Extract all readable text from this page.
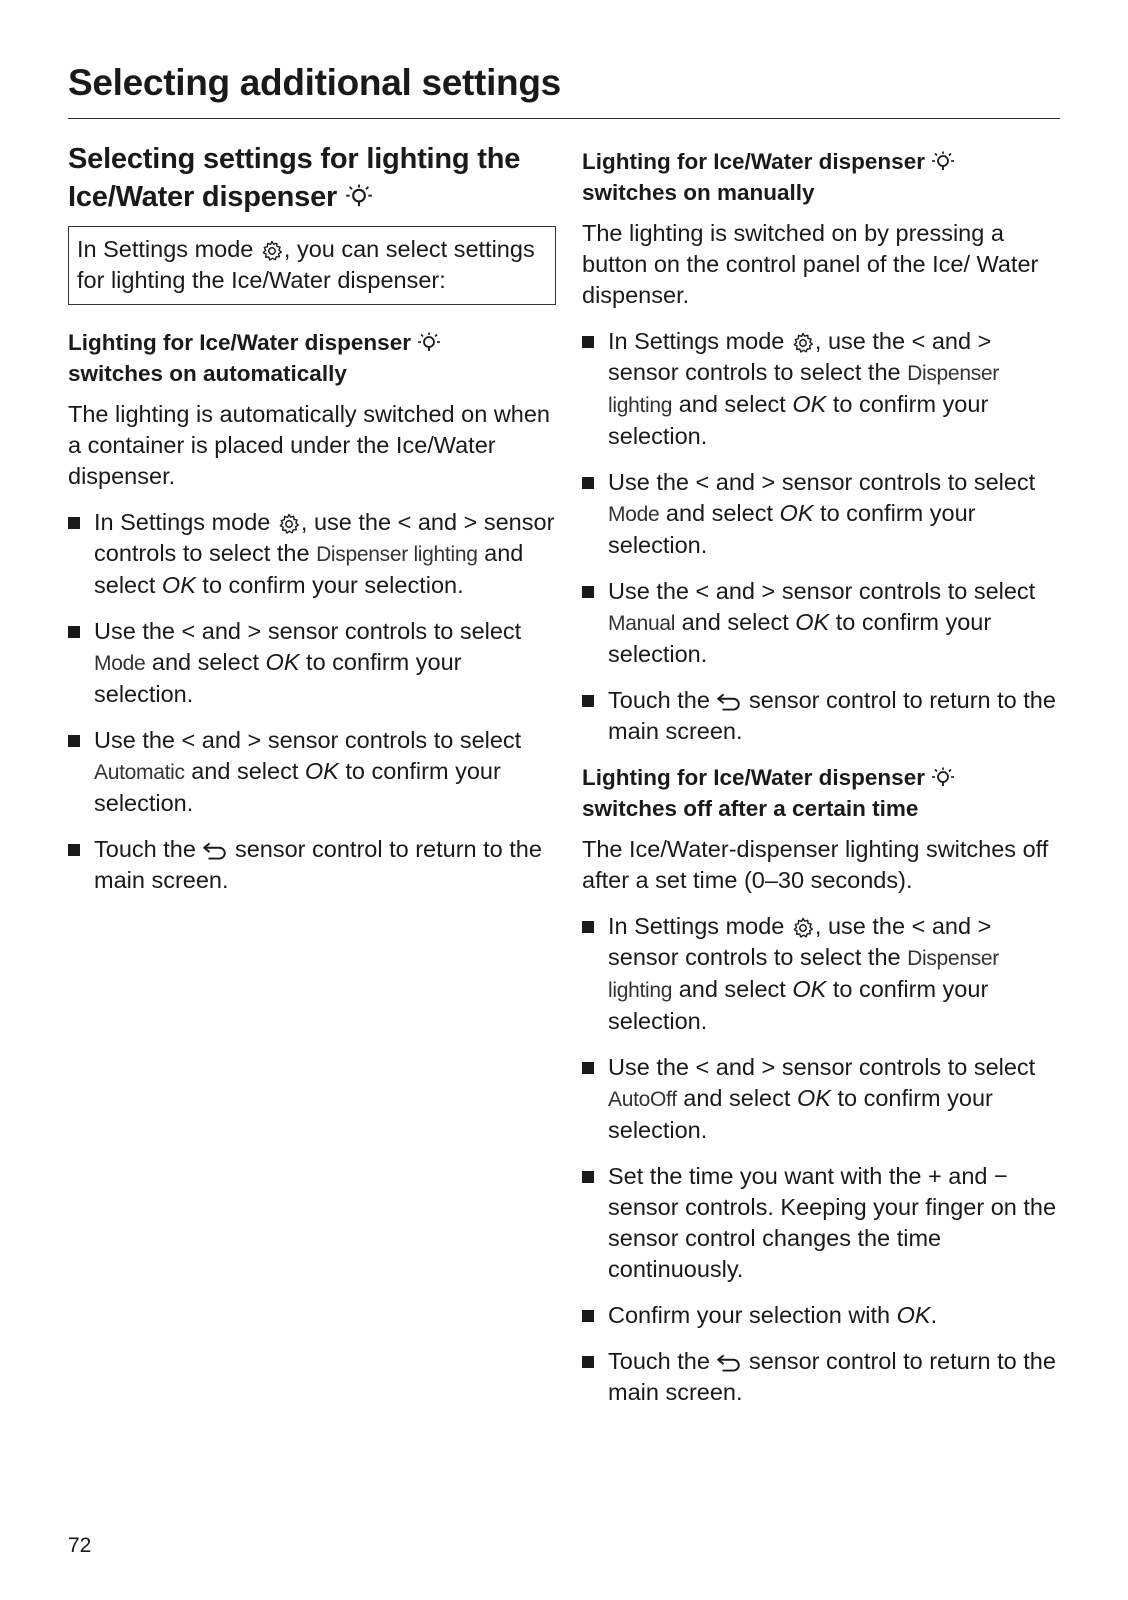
Selecting additional settings
Selecting settings for lighting the Ice/Water dispenser
In Settings mode , you can select settings for lighting the Ice/Water dispenser:
Lighting for Ice/Water dispenser

switches on automatically

The lighting is automatically switched on when a container is placed under the Ice/Water dispenser.

In Settings mode , use the < and > sensor controls to select the Dispenser lighting and select OK to confirm your selection.
Use the < and > sensor controls to select Mode and select OK to confirm your selection.
Use the < and > sensor controls to select Automatic and select OK to confirm your selection.
Touch the sensor control to return to the main screen.
Lighting for Ice/Water dispenser

switches on manually

The lighting is switched on by pressing a button on the control panel of the Ice/ Water dispenser.

In Settings mode , use the < and > sensor controls to select the Dispenser lighting and select OK to confirm your selection.
Use the < and > sensor controls to select Mode and select OK to confirm your selection.
Use the < and > sensor controls to select Manual and select OK to confirm your selection.
Touch the sensor control to return to the main screen.
Lighting for Ice/Water dispenser

switches off after a certain time

The Ice/Water-dispenser lighting switches off after a set time (0–30 seconds).

In Settings mode , use the < and > sensor controls to select the Dispenser lighting and select OK to confirm your selection.
Use the < and > sensor controls to select AutoOff and select OK to confirm your selection.
Set the time you want with the + and − sensor controls. Keeping your finger on the sensor control changes the time continuously.
Confirm your selection with OK.
Touch the sensor control to return to the main screen.

72
